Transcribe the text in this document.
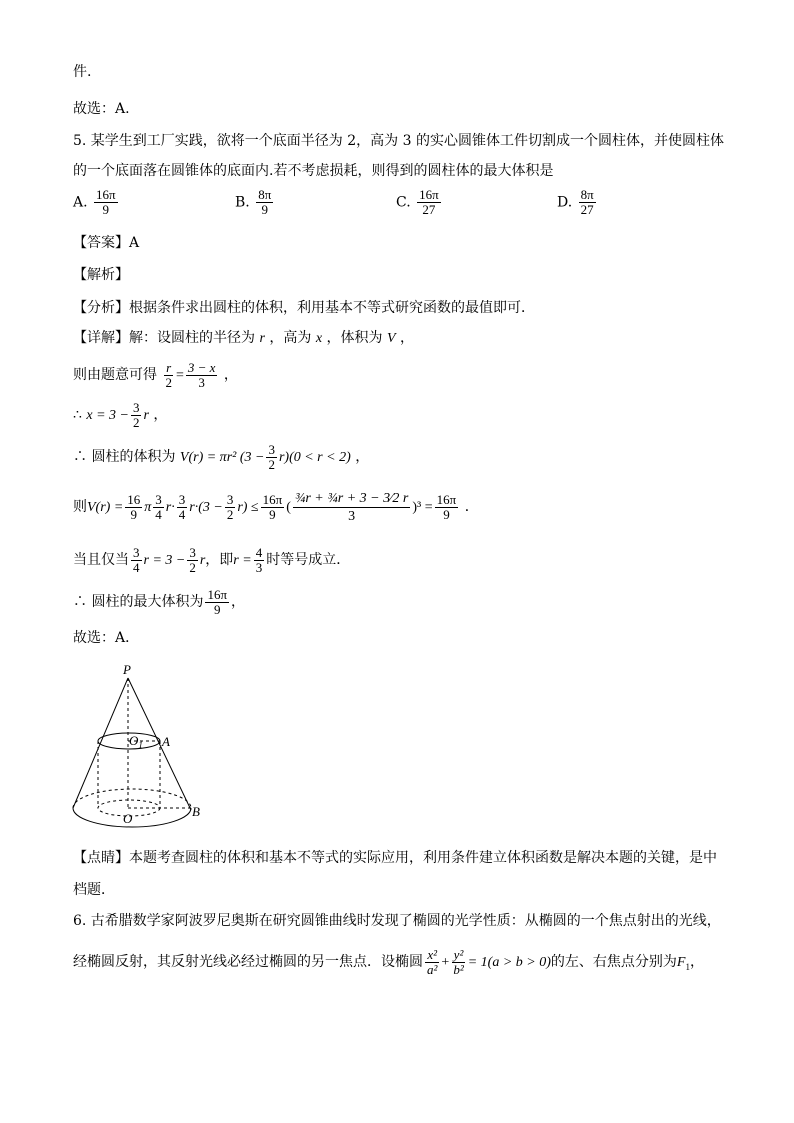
件.
故选：A.
5. 某学生到工厂实践，欲将一个底面半径为 2，高为 3 的实心圆锥体工件切割成一个圆柱体，并使圆柱体
的一个底面落在圆锥体的底面内.若不考虑损耗，则得到的圆柱体的最大体积是
A. $\frac{16\pi}{9}$	B. $\frac{8\pi}{9}$	C. $\frac{16\pi}{27}$	D. $\frac{8\pi}{27}$
【答案】A
【解析】
【分析】根据条件求出圆柱的体积，利用基本不等式研究函数的最值即可．
【详解】解：设圆柱的半径为 r ，高为 x ，体积为 V ，
则由题意可得 $\frac{r}{2} = \frac{3 - x}{3}$ ，
∴ $x = 3 - \frac{3}{2}$ r ，
∴ 圆柱的体积为 V(r) = πr² $(3 - \frac{3}{2} r)(0 < r < 2)$ ，
则$V(r) = \frac{16}{9}$ π $\frac{3}{4} r\cdot \frac{3}{4} r\cdot(3 - \frac{3}{2} r) \le \frac{16\pi}{9}$ ( $\frac{\text{¾r + ¾r + 3 − 3⁄2 r}}{3} )^3 = \frac{16\pi}{9}$ ．
当且仅当 $\frac{3}{4}$ $r = 3 - \frac{3}{2}$ r，即$r = \frac{4}{3}$ 时等号成立．
∴ 圆柱的最大体积为 $\frac{16\pi}{9}$ ，
故选：A．
P
$O_1$ A
B
O
【点睛】本题考查圆柱的体积和基本不等式的实际应用，利用条件建立体积函数是解决本题的关键，是中
档题．
6. 古希腊数学家阿波罗尼奥斯在研究圆锥曲线时发现了椭圆的光学性质：从椭圆的一个焦点射出的光线，
经椭圆反射，其反射光线必经过椭圆的另一焦点．设椭圆 $\frac{\text{x²}}{\text{a²}} + \frac{\text{y²}}{\text{b²}} = 1(a > b > 0)$的左、右焦点分别为$F_1$，
